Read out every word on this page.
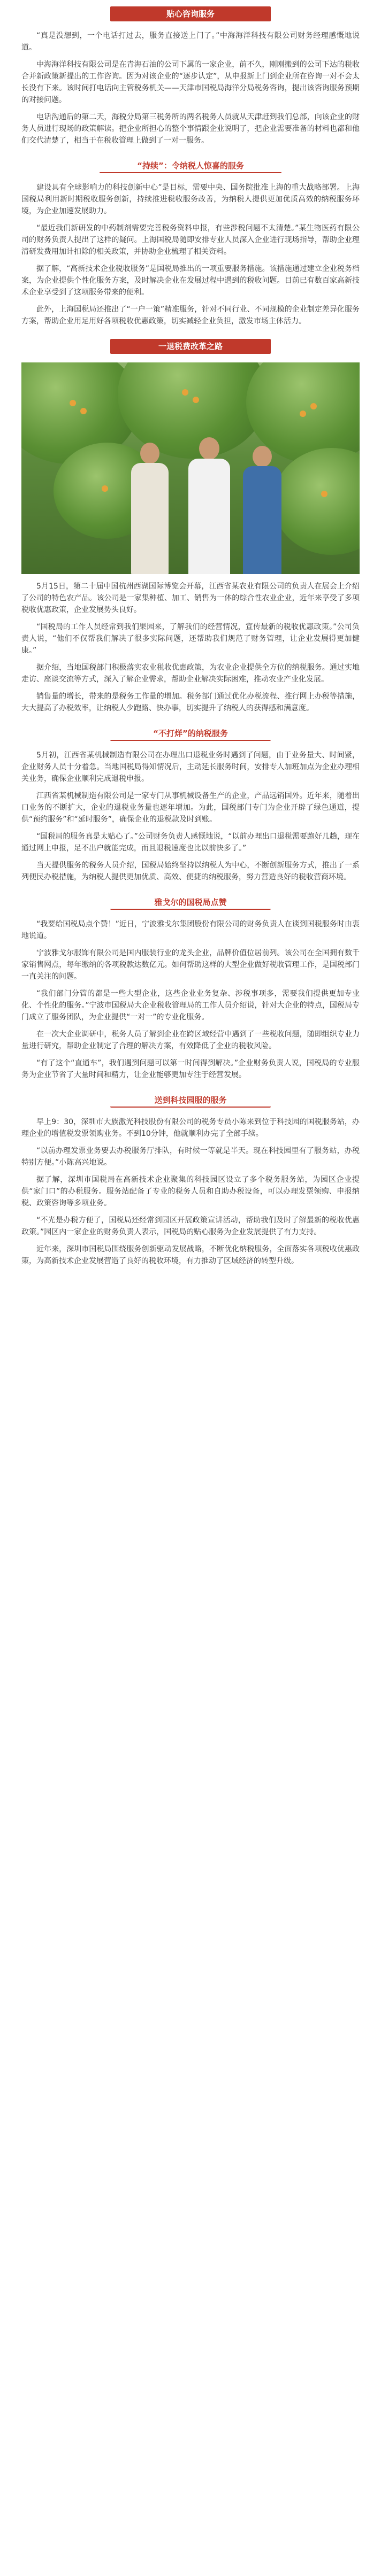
贴心咨询服务

“真是没想到，一个电话打过去，服务直接送上门了。”中海海洋科技有限公司财务经理感慨地说道。

中海海洋科技有限公司是在青海石油的公司下属的一家企业，前不久，刚刚搬到的公司下达的税收合并新政策新提出的工作咨询。因为对该企业的“逐步认定”，从申报新上门到企业所在咨询一对不会太长没有下来。该时间打电话向主管税务机关——天津市国税局海洋分局税务咨询，提出该咨询服务预期的对接问题。

电话沟通后的第二天，海税分局第三税务所的两名税务人员就从天津赶到我们总部，向该企业的财务人员进行现场的政策解读。把企业所担心的整个事情跟企业说明了，把企业需要准备的材料也都和他们交代清楚了，相当于在税收管理上做到了一对一服务。

“持续”：令纳税人惊喜的服务

建设具有全球影响力的科技创新中心”是目标，需要中央、国务院批准上海的重大战略部署。上海国税局利用新时期税收服务创新，持续推进税收服务改善，为纳税人提供更加优质高效的纳税服务环境，为企业加速发展助力。

“最近我们新研发的中药制剂需要完善税务资料申报，有些涉税问题不太清楚。”某生物医药有限公司的财务负责人提出了这样的疑问。上海国税局随即安排专业人员深入企业进行现场指导，帮助企业理清研发费用加计扣除的相关政策，并协助企业梳理了相关资料。

据了解，“高新技术企业税收服务”是国税局推出的一项重要服务措施。该措施通过建立企业税务档案，为企业提供个性化服务方案，及时解决企业在发展过程中遇到的税收问题。目前已有数百家高新技术企业享受到了这项服务带来的便利。

此外，上海国税局还推出了“一户一策”精准服务，针对不同行业、不同规模的企业制定差异化服务方案，帮助企业用足用好各项税收优惠政策，切实减轻企业负担，激发市场主体活力。

一退税费改革之路

5月15日，第二十届中国杭州西湖国际博览会开幕，江西省某农业有限公司的负责人在展会上介绍了公司的特色农产品。该公司是一家集种植、加工、销售为一体的综合性农业企业，近年来享受了多项税收优惠政策，企业发展势头良好。

“国税局的工作人员经常到我们果园来，了解我们的经营情况，宣传最新的税收优惠政策。”公司负责人说，“他们不仅帮我们解决了很多实际问题，还帮助我们规范了财务管理，让企业发展得更加健康。”

据介绍，当地国税部门积极落实农业税收优惠政策，为农业企业提供全方位的纳税服务。通过实地走访、座谈交流等方式，深入了解企业需求，帮助企业解决实际困难，推动农业产业化发展。

销售量的增长，带来的是税务工作量的增加。税务部门通过优化办税流程、推行网上办税等措施，大大提高了办税效率，让纳税人少跑路、快办事，切实提升了纳税人的获得感和满意度。

“不打烊”的纳税服务

5月初，江西省某机械制造有限公司在办理出口退税业务时遇到了问题，由于业务量大、时间紧，企业财务人员十分着急。当地国税局得知情况后，主动延长服务时间，安排专人加班加点为企业办理相关业务，确保企业顺利完成退税申报。

江西省某机械制造有限公司是一家专门从事机械设备生产的企业，产品远销国外。近年来，随着出口业务的不断扩大，企业的退税业务量也逐年增加。为此，国税部门专门为企业开辟了绿色通道，提供“预约服务”和“延时服务”，确保企业的退税款及时到账。

“国税局的服务真是太贴心了。”公司财务负责人感慨地说，“以前办理出口退税需要跑好几趟，现在通过网上申报，足不出户就能完成，而且退税速度也比以前快多了。”

当天提供服务的税务人员介绍，国税局始终坚持以纳税人为中心，不断创新服务方式，推出了一系列便民办税措施，为纳税人提供更加优质、高效、便捷的纳税服务，努力营造良好的税收营商环境。

雅戈尔的国税局点赞

“我要给国税局点个赞！”近日，宁波雅戈尔集团股份有限公司的财务负责人在谈到国税服务时由衷地说道。

宁波雅戈尔服饰有限公司是国内服装行业的龙头企业，品牌价值位居前列。该公司在全国拥有数千家销售网点，每年缴纳的各项税款达数亿元。如何帮助这样的大型企业做好税收管理工作，是国税部门一直关注的问题。

“我们部门分管的都是一些大型企业，这些企业业务复杂、涉税事项多，需要我们提供更加专业化、个性化的服务。”宁波市国税局大企业税收管理局的工作人员介绍说，针对大企业的特点，国税局专门成立了服务团队，为企业提供“一对一”的专业化服务。

在一次大企业调研中，税务人员了解到企业在跨区域经营中遇到了一些税收问题，随即组织专业力量进行研究，帮助企业制定了合理的解决方案，有效降低了企业的税收风险。

“有了这个“直通车”，我们遇到问题可以第一时间得到解决。”企业财务负责人说，国税局的专业服务为企业节省了大量时间和精力，让企业能够更加专注于经营发展。

送到科技园服的服务

早上9：30，深圳市大族激光科技股份有限公司的税务专员小陈来到位于科技园的国税服务站，办理企业的增值税发票领购业务。不到10分钟，他就顺利办完了全部手续。

“以前办理发票业务要去办税服务厅排队，有时候一等就是半天。现在科技园里有了服务站，办税特别方便。”小陈高兴地说。

据了解，深圳市国税局在高新技术企业聚集的科技园区设立了多个税务服务站，为园区企业提供“家门口”的办税服务。服务站配备了专业的税务人员和自助办税设备，可以办理发票领购、申报纳税、政策咨询等多项业务。

“不光是办税方便了，国税局还经常到园区开展政策宣讲活动，帮助我们及时了解最新的税收优惠政策。”园区内一家企业的财务负责人表示，国税局的贴心服务为企业发展提供了有力支持。

近年来，深圳市国税局围绕服务创新驱动发展战略，不断优化纳税服务，全面落实各项税收优惠政策，为高新技术企业发展营造了良好的税收环境，有力推动了区域经济的转型升级。
